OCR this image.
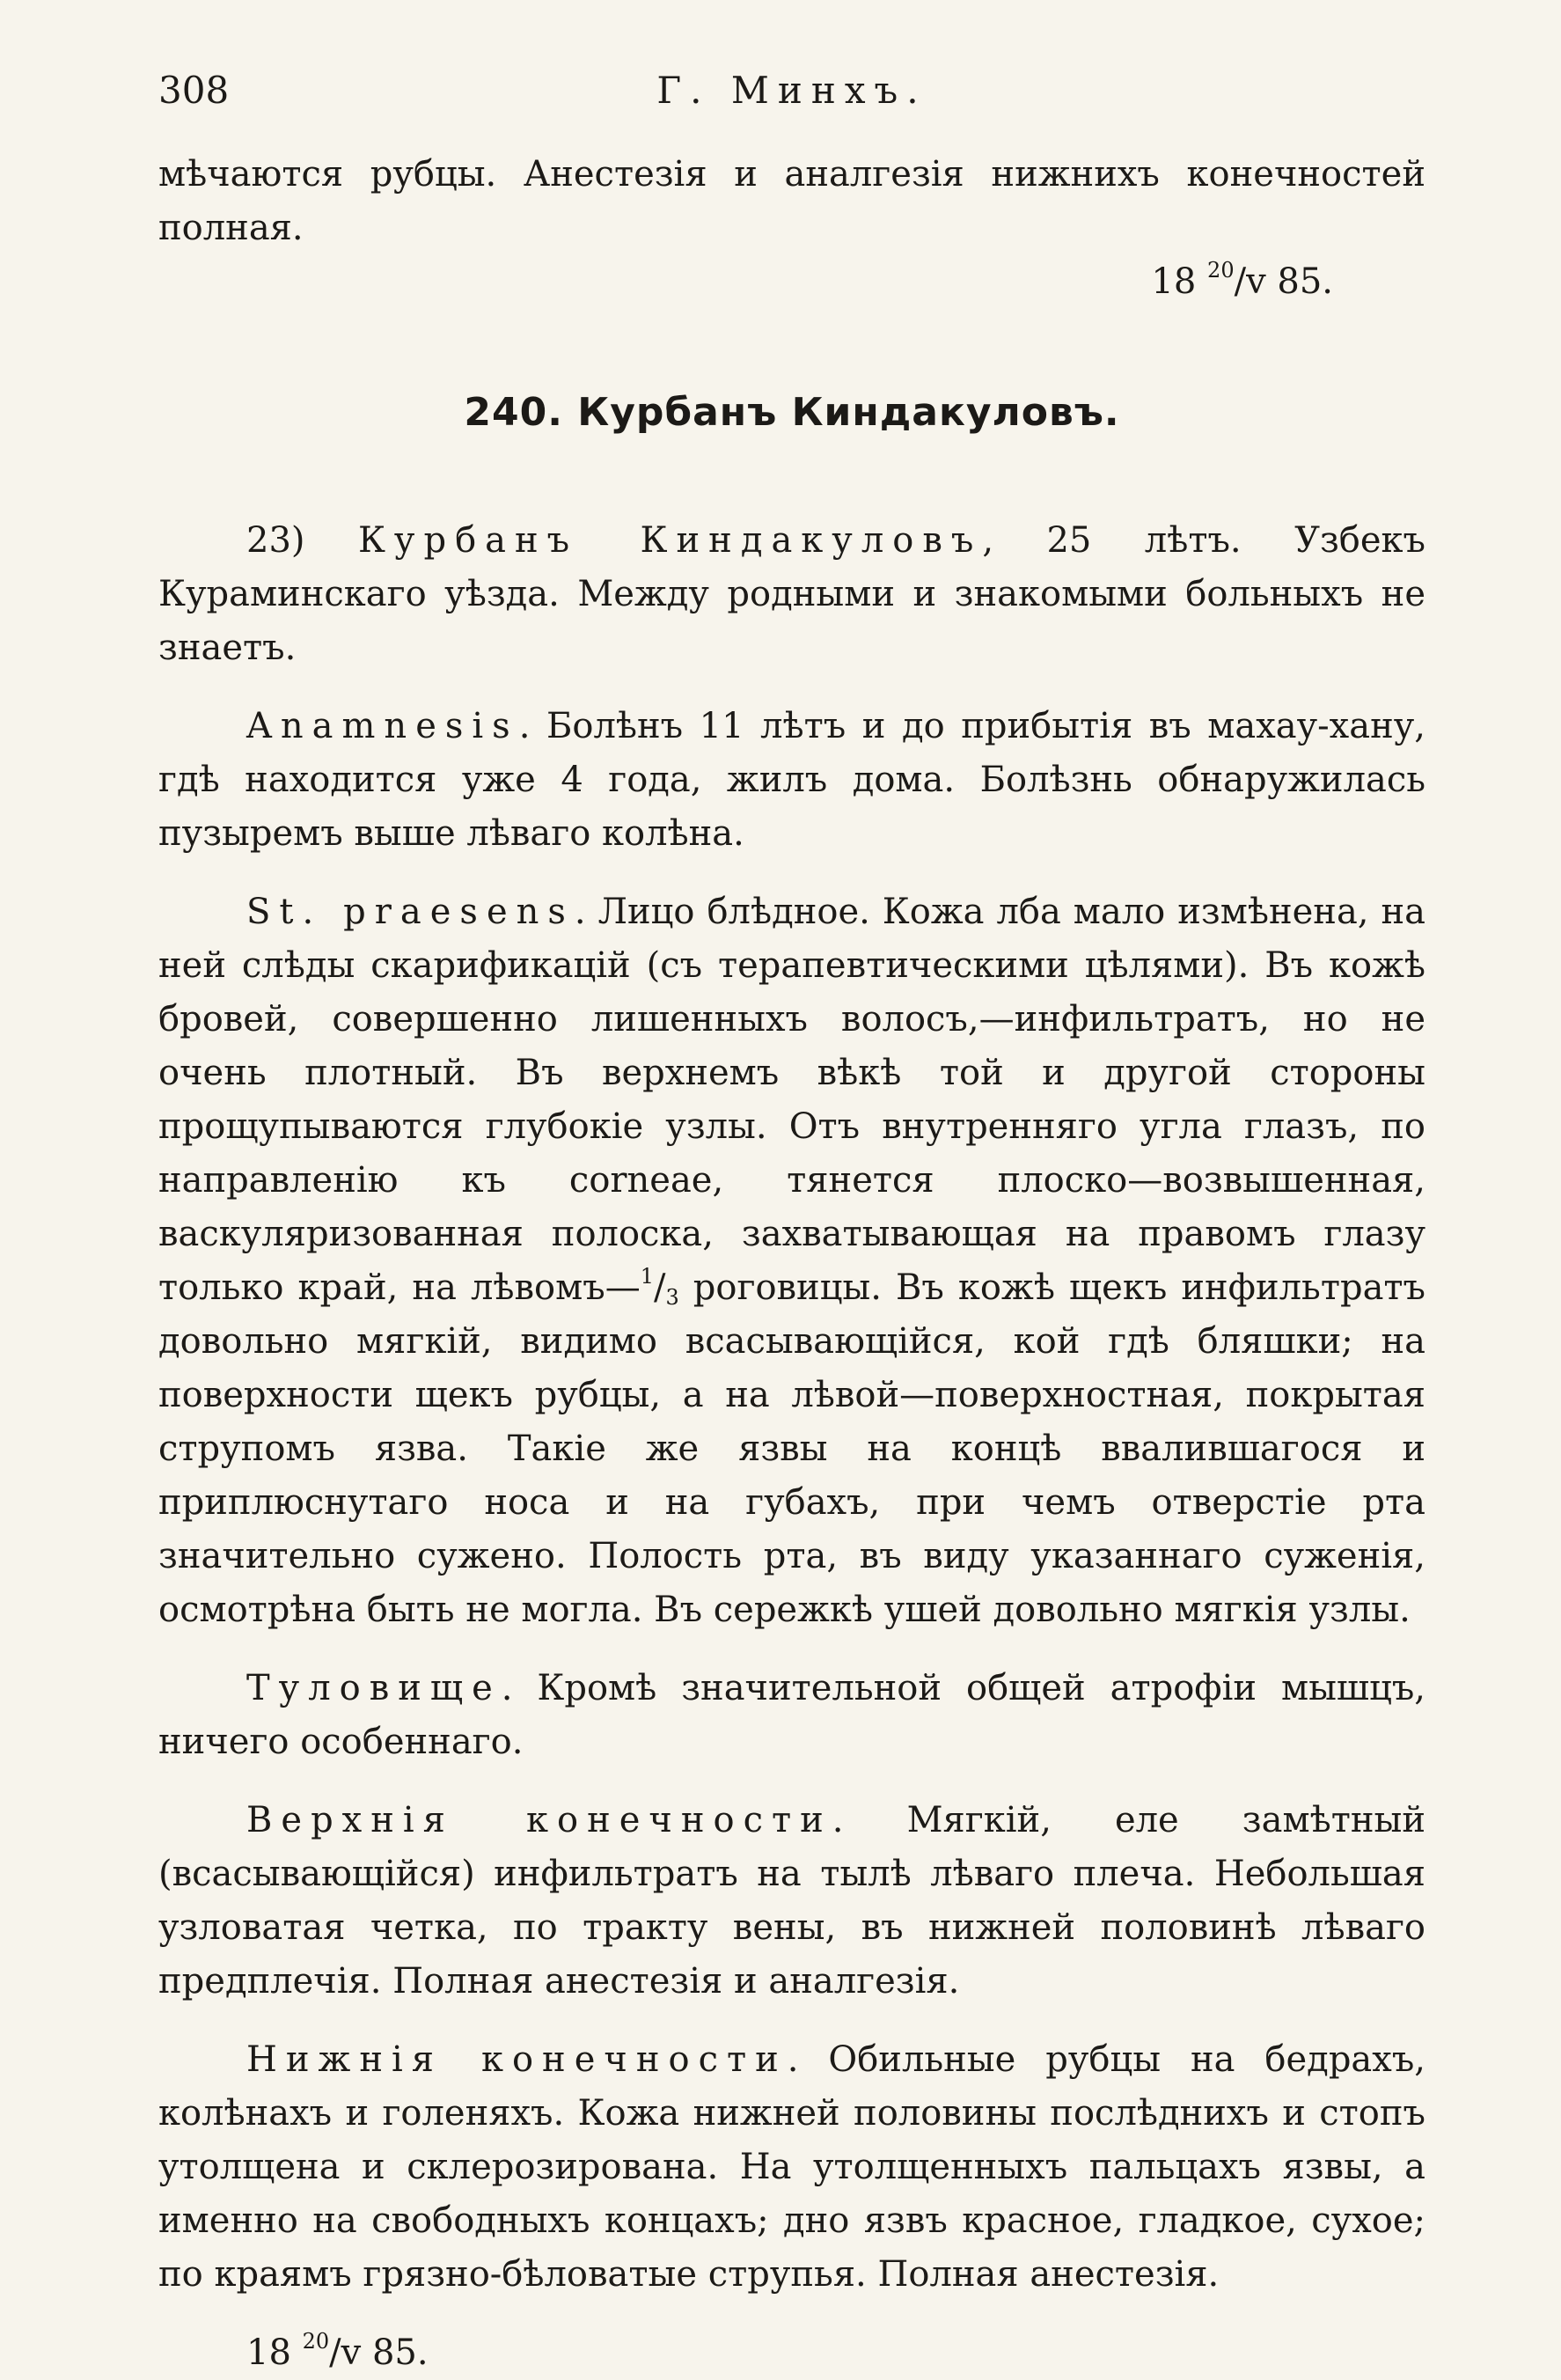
308	Г. Минхъ.

мѣчаются рубцы. Анестезія и аналгезія нижнихъ конечностей полная.

18 $^{20}$/v 85.

240. Курбанъ Киндакуловъ.

23) Курбанъ Киндакуловъ, 25 лѣтъ. Узбекъ Кураминскаго уѣзда. Между родными и знакомыми больныхъ не знаетъ.

Anamnesis. Болѣнъ 11 лѣтъ и до прибытія въ махау-хану, гдѣ находится уже 4 года, жилъ дома. Болѣзнь обнаружилась пузыремъ выше лѣваго колѣна.

St. praesens. Лицо блѣдное. Кожа лба мало измѣнена, на ней слѣды скарификацій (съ терапевтическими цѣлями). Въ кожѣ бровей, совершенно лишенныхъ волосъ,—инфильтратъ, но не очень плотный. Въ верхнемъ вѣкѣ той и другой стороны прощупываются глубокіе узлы. Отъ внутренняго угла глазъ, по направленію къ corneae, тянется плоско—возвышенная, васкуляризованная полоска, захватывающая на правомъ глазу только край, на $лѣвомъ—^1/_3$ роговицы. Въ кожѣ щекъ инфильтратъ довольно мягкій, видимо всасывающійся, кой гдѣ бляшки; на поверхности щекъ рубцы, а на лѣвой—поверхностная, покрытая струпомъ язва. Такіе же язвы на концѣ ввалившагося и приплюснутаго носа и на губахъ, при чемъ отверстіе рта значительно сужено. Полость рта, въ виду указаннаго суженія, осмотрѣна быть не могла. Въ сережкѣ ушей довольно мягкія узлы.

Туловище. Кромѣ значительной общей атрофіи мышцъ, ничего особеннаго.

Верхнія конечности. Мягкій, еле замѣтный (всасывающійся) инфильтратъ на тылѣ лѣваго плеча. Небольшая узловатая четка, по тракту вены, въ нижней половинѣ лѣваго предплечія. Полная анестезія и аналгезія.

Нижнія конечности. Обильные рубцы на бедрахъ, колѣнахъ и голеняхъ. Кожа нижней половины послѣднихъ и стопъ утолщена и склерозирована. На утолщенныхъ пальцахъ язвы, а именно на свободныхъ концахъ; дно язвъ красное, гладкое, сухое; по краямъ грязно-бѣловатые струпья. Полная анестезія.

18 $^{20}$/v 85.
